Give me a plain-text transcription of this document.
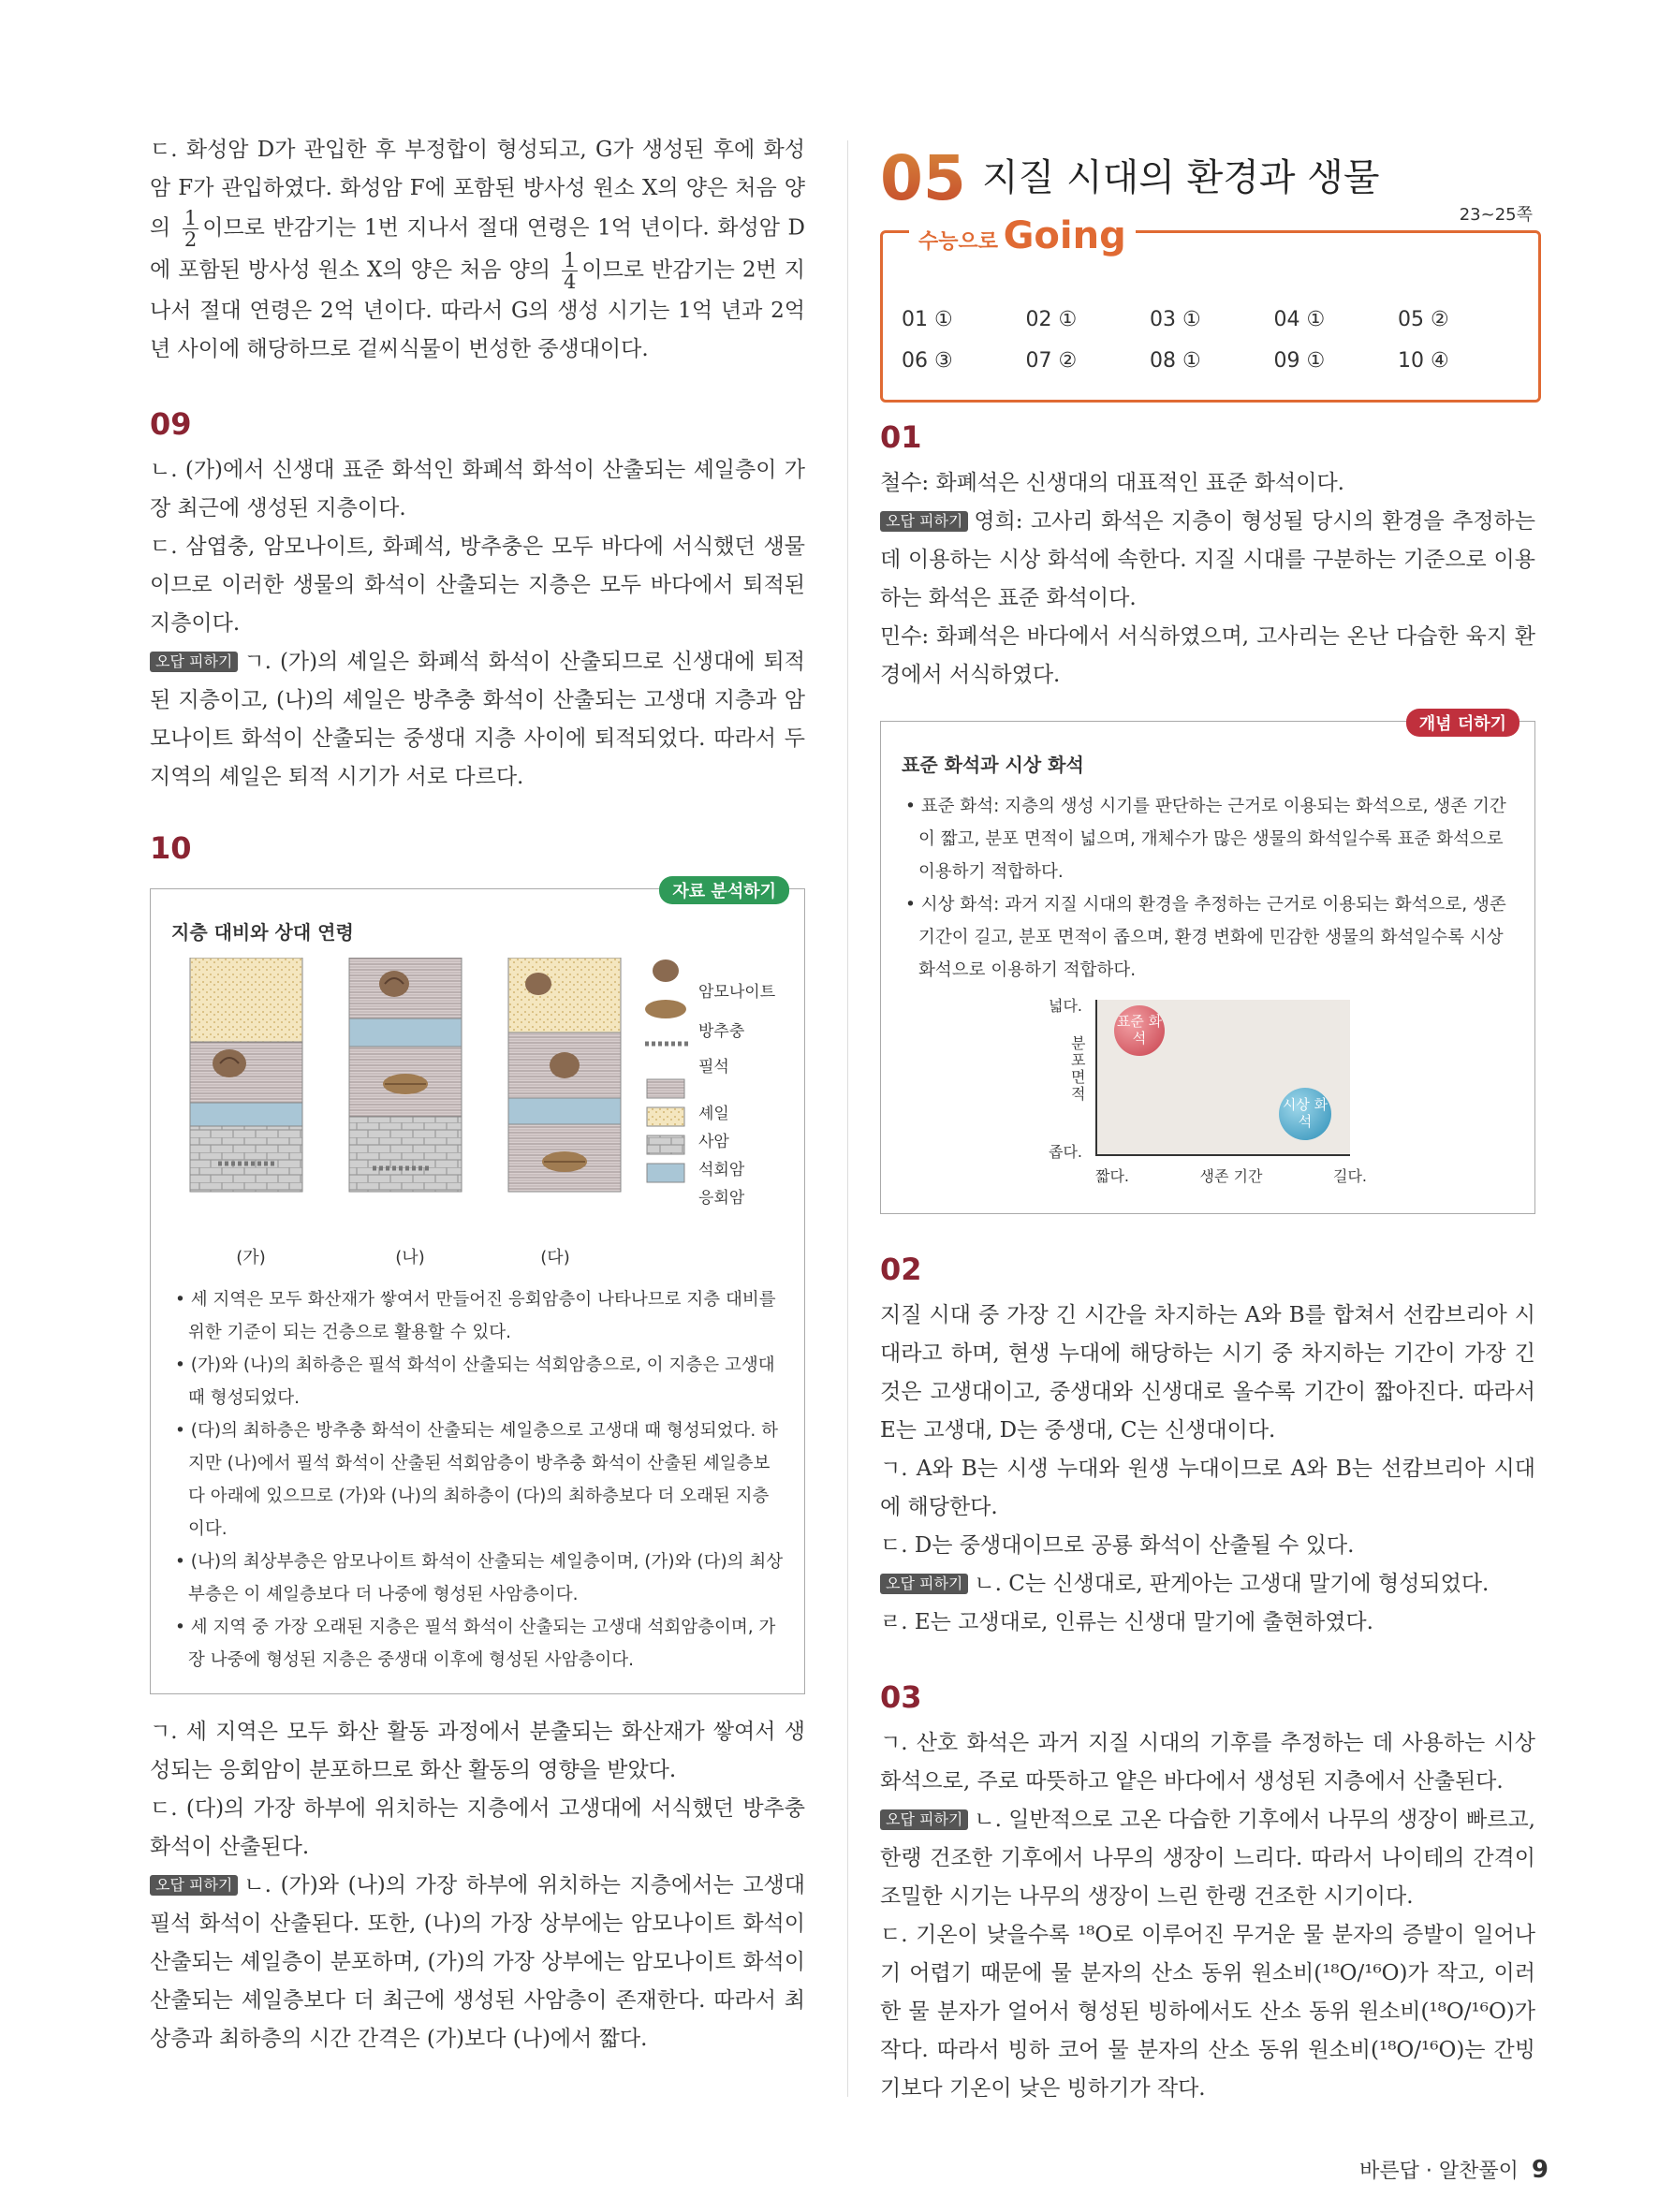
ㄷ. 화성암 D가 관입한 후 부정합이 형성되고, G가 생성된 후에 화성암 F가 관입하였다. 화성암 F에 포함된 방사성 원소 X의 양은 처음 양의 $\frac{1}{2}$ 이므로 반감기는 1번 지나서 절대 연령은 1억 년이다. 화성암 D에 포함된 방사성 원소 X의 양은 처음 양의 $\frac{1}{4}$ 이므로 반감기는 2번 지나서 절대 연령은 2억 년이다. 따라서 G의 생성 시기는 1억 년과 2억 년 사이에 해당하므로 겉씨식물이 번성한 중생대이다.

09

ㄴ. (가)에서 신생대 표준 화석인 화폐석 화석이 산출되는 셰일층이 가장 최근에 생성된 지층이다.

ㄷ. 삼엽충, 암모나이트, 화폐석, 방추충은 모두 바다에 서식했던 생물이므로 이러한 생물의 화석이 산출되는 지층은 모두 바다에서 퇴적된 지층이다.

오답 피하기 ㄱ. (가)의 셰일은 화폐석 화석이 산출되므로 신생대에 퇴적된 지층이고, (나)의 셰일은 방추충 화석이 산출되는 고생대 지층과 암모나이트 화석이 산출되는 중생대 지층 사이에 퇴적되었다. 따라서 두 지역의 셰일은 퇴적 시기가 서로 다르다.

10
자료 분석하기
지층 대비와 상대 연령
암모나이트
방추충
필석
셰일
사암
석회암
응회암
(가)	(나)	(다)

• 세 지역은 모두 화산재가 쌓여서 만들어진 응회암층이 나타나므로 지층 대비를 위한 기준이 되는 건층으로 활용할 수 있다.

• (가)와 (나)의 최하층은 필석 화석이 산출되는 석회암층으로, 이 지층은 고생대 때 형성되었다.

• (다)의 최하층은 방추충 화석이 산출되는 셰일층으로 고생대 때 형성되었다. 하지만 (나)에서 필석 화석이 산출된 석회암층이 방추충 화석이 산출된 셰일층보다 아래에 있으므로 (가)와 (나)의 최하층이 (다)의 최하층보다 더 오래된 지층이다.

• (나)의 최상부층은 암모나이트 화석이 산출되는 셰일층이며, (가)와 (다)의 최상부층은 이 셰일층보다 더 나중에 형성된 사암층이다.

• 세 지역 중 가장 오래된 지층은 필석 화석이 산출되는 고생대 석회암층이며, 가장 나중에 형성된 지층은 중생대 이후에 형성된 사암층이다.

ㄱ. 세 지역은 모두 화산 활동 과정에서 분출되는 화산재가 쌓여서 생성되는 응회암이 분포하므로 화산 활동의 영향을 받았다.

ㄷ. (다)의 가장 하부에 위치하는 지층에서 고생대에 서식했던 방추충 화석이 산출된다.

오답 피하기 ㄴ. (가)와 (나)의 가장 하부에 위치하는 지층에서는 고생대 필석 화석이 산출된다. 또한, (나)의 가장 상부에는 암모나이트 화석이 산출되는 셰일층이 분포하며, (가)의 가장 상부에는 암모나이트 화석이 산출되는 셰일층보다 더 최근에 생성된 사암층이 존재한다. 따라서 최상층과 최하층의 시간 간격은 (가)보다 (나)에서 짧다.

05 지질 시대의 환경과 생물
수능으로 Going	23~25쪽
01 ①	02 ①	03 ①	04 ①	05 ②
06 ③	07 ②	08 ①	09 ①	10 ④
01

철수: 화폐석은 신생대의 대표적인 표준 화석이다.

오답 피하기 영희: 고사리 화석은 지층이 형성될 당시의 환경을 추정하는 데 이용하는 시상 화석에 속한다. 지질 시대를 구분하는 기준으로 이용하는 화석은 표준 화석이다.

민수: 화폐석은 바다에서 서식하였으며, 고사리는 온난 다습한 육지 환경에서 서식하였다.

개념 더하기
표준 화석과 시상 화석

• 표준 화석: 지층의 생성 시기를 판단하는 근거로 이용되는 화석으로, 생존 기간이 짧고, 분포 면적이 넓으며, 개체수가 많은 생물의 화석일수록 표준 화석으로 이용하기 적합하다.

• 시상 화석: 과거 지질 시대의 환경을 추정하는 근거로 이용되는 화석으로, 생존 기간이 길고, 분포 면적이 좁으며, 환경 변화에 민감한 생물의 화석일수록 시상 화석으로 이용하기 적합하다.

넓다.
분포 면적
좁다.
짧다.	생존 기간	길다.
표준 화석
시상 화석
02

지질 시대 중 가장 긴 시간을 차지하는 A와 B를 합쳐서 선캄브리아 시대라고 하며, 현생 누대에 해당하는 시기 중 차지하는 기간이 가장 긴 것은 고생대이고, 중생대와 신생대로 올수록 기간이 짧아진다. 따라서 E는 고생대, D는 중생대, C는 신생대이다.

ㄱ. A와 B는 시생 누대와 원생 누대이므로 A와 B는 선캄브리아 시대에 해당한다.

ㄷ. D는 중생대이므로 공룡 화석이 산출될 수 있다.

오답 피하기 ㄴ. C는 신생대로, 판게아는 고생대 말기에 형성되었다.

ㄹ. E는 고생대로, 인류는 신생대 말기에 출현하였다.

03

ㄱ. 산호 화석은 과거 지질 시대의 기후를 추정하는 데 사용하는 시상 화석으로, 주로 따뜻하고 얕은 바다에서 생성된 지층에서 산출된다.

오답 피하기 ㄴ. 일반적으로 고온 다습한 기후에서 나무의 생장이 빠르고, 한랭 건조한 기후에서 나무의 생장이 느리다. 따라서 나이테의 간격이 조밀한 시기는 나무의 생장이 느린 한랭 건조한 시기이다.

ㄷ. 기온이 낮을수록 ¹⁸O로 이루어진 무거운 물 분자의 증발이 일어나기 어렵기 때문에 물 분자의 산소 동위 원소비(¹⁸O/¹⁶O)가 작고, 이러한 물 분자가 얼어서 형성된 빙하에서도 산소 동위 원소비(¹⁸O/¹⁶O)가 작다. 따라서 빙하 코어 물 분자의 산소 동위 원소비(¹⁸O/¹⁶O)는 간빙기보다 기온이 낮은 빙하기가 작다.

바른답 · 알찬풀이 9
